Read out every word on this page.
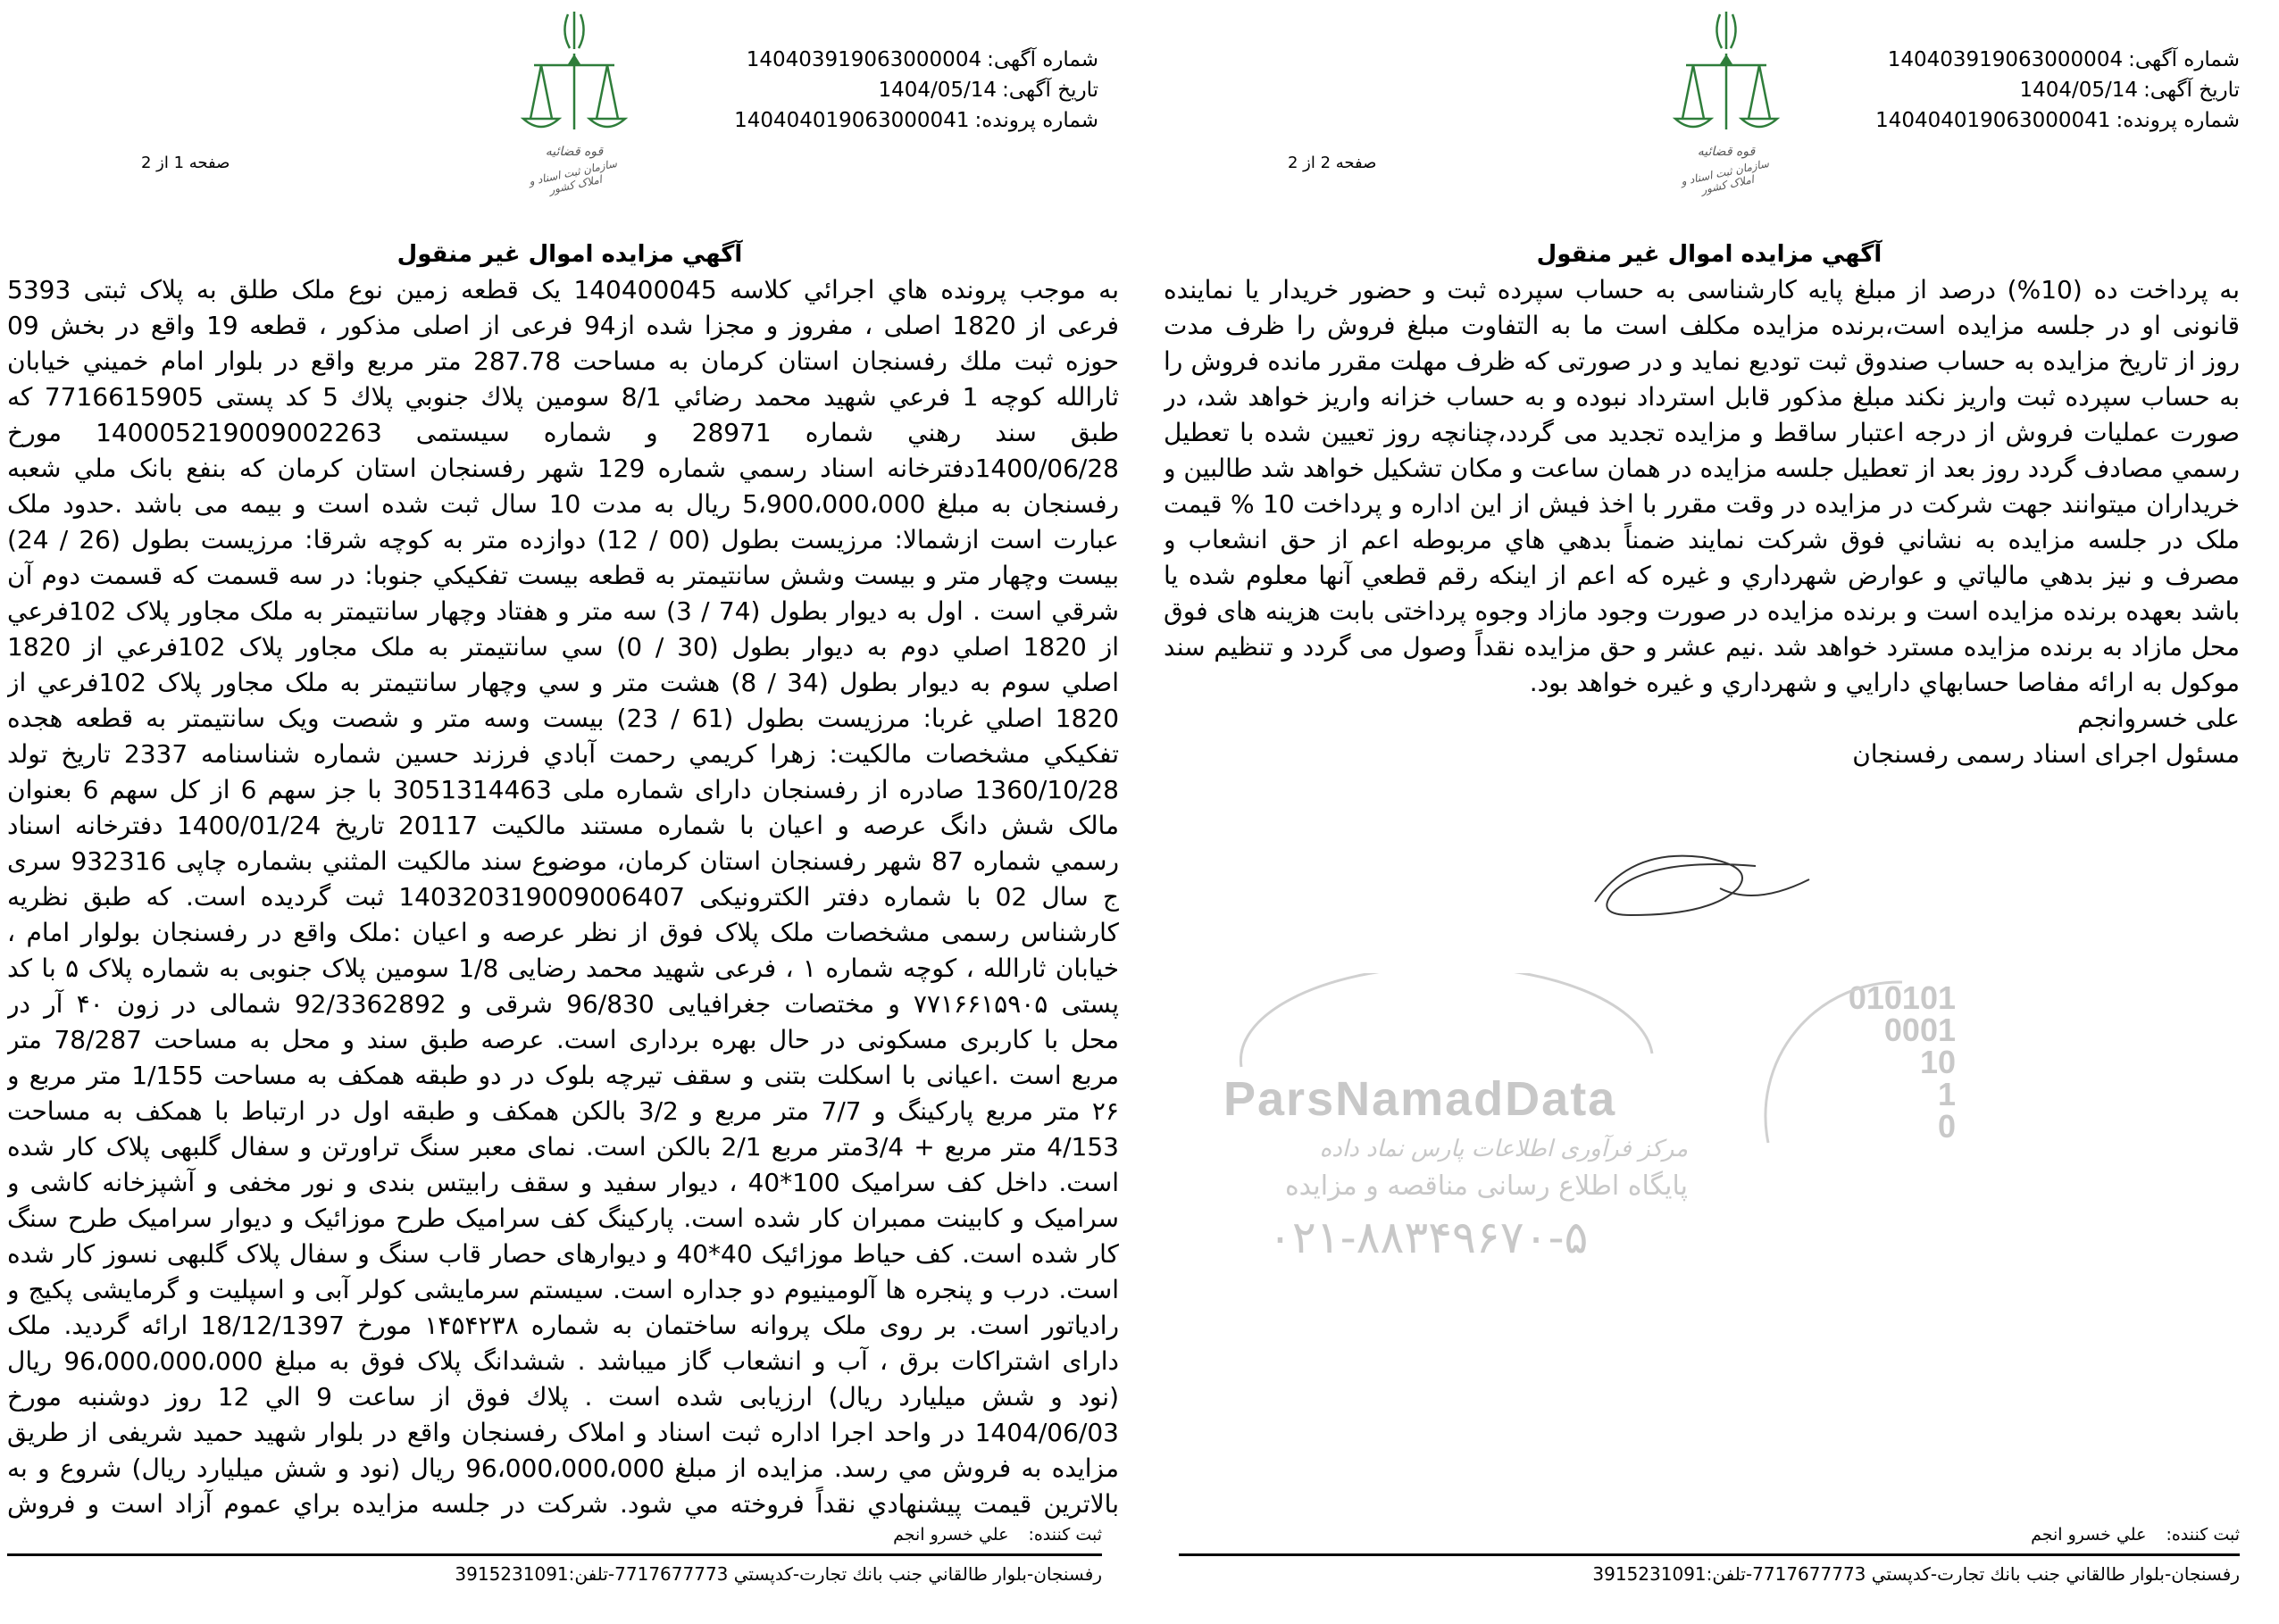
ParsNamadData
مرکز فرآوری اطلاعات پارس نماد داده
پایگاه اطلاع رسانی مناقصه و مزایده
۰۲۱-۸۸۳۴۹۶۷۰-۵
010101
0001
10
1
0
شماره آگهی:140403919063000004
تاریخ آگهی:1404/05/14
شماره پرونده:140404019063000041
قوه قضائیه
سازمان ثبت اسناد و املاک کشور
صفحه 1 از 2
آگهي مزايده اموال غير منقول
به موجب پرونده هاي اجرائي كلاسه 140400045 يک قطعه زمين نوع ملک طلق به پلاک ثبتی 5393
فرعی از 1820 اصلی ، مفروز و مجزا شده از94 فرعی از اصلی مذکور ، قطعه 19 واقع در بخش 09
حوزه ثبت ملك رفسنجان استان كرمان به مساحت 287.78 متر مربع واقع در بلوار امام خميني خيابان
ثارالله كوچه 1 فرعي شهيد محمد رضائي 8/1 سومين پلاك جنوبي پلاك 5 کد پستی 7716615905 که
طبق سند رهني شماره 28971 و شماره سيستمی 140005219009002263 مورخ
1400/06/28دفترخانه اسناد رسمي شماره 129 شهر رفسنجان استان كرمان كه بنفع بانک ملي شعبه
رفسنجان به مبلغ 5،900،000،000 ريال به مدت 10 سال ثبت شده است و بيمه می باشد .حدود ملک
عبارت است ازشمالا: مرزيست بطول (00 / 12) دوازده متر به کوچه شرقا: مرزيست بطول (26 / 24)
بيست وچهار متر و بيست وشش سانتيمتر به قطعه بيست تفکيکي جنوبا: در سه قسمت كه قسمت دوم آن
شرقي است . اول به ديوار بطول (74 / 3) سه متر و هفتاد وچهار سانتيمتر به ملک مجاور پلاک 102فرعي
از 1820 اصلي دوم به ديوار بطول (30 / 0) سي سانتيمتر به ملک مجاور پلاک 102فرعي از 1820
اصلي سوم به ديوار بطول (34 / 8) هشت متر و سي وچهار سانتيمتر به ملک مجاور پلاک 102فرعي از
1820 اصلي غربا: مرزيست بطول (61 / 23) بيست وسه متر و شصت ويک سانتيمتر به قطعه هجده
تفکيکي مشخصات مالکيت: زهرا كريمي رحمت آبادي فرزند حسين شماره شناسنامه 2337 تاريخ تولد
1360/10/28 صادره از رفسنجان دارای شماره ملی 3051314463 با جز سهم 6 از کل سهم 6 بعنوان
مالک شش دانگ عرصه و اعيان با شماره مستند مالكيت 20117 تاريخ 1400/01/24 دفترخانه اسناد
رسمي شماره 87 شهر رفسنجان استان كرمان، موضوع سند مالكيت المثني بشماره چاپی 932316 سری
ج سال 02 با شماره دفتر الکترونیکی 140320319009006407 ثبت گرديده است. که طبق نظريه
کارشناس رسمی مشخصات ملک پلاک فوق از نظر عرصه و اعيان :ملک واقع در رفسنجان بولوار امام ،
خيابان ثارالله ، كوچه شماره ۱ ، فرعی شهيد محمد رضايی 1/8 سومين پلاک جنوبی به شماره پلاک ۵ با کد
پستی ۷۷۱۶۶۱۵۹۰۵ و مختصات جغرافيايی 96/830 شرقی و 92/3362892 شمالی در زون ۴۰ آر در
محل با کاربری مسکونی در حال بهره برداری است. عرصه طبق سند و محل به مساحت 78/287 متر
مربع است .اعيانی با اسکلت بتنی و سقف تيرچه بلوک در دو طبقه همکف به مساحت 1/155 متر مربع و
۲۶ متر مربع پارکينگ و 7/7 متر مربع و 3/2 بالکن همکف و طبقه اول در ارتباط با همکف به مساحت
4/153 متر مربع + 3/4متر مربع 2/1 بالکن است. نمای معبر سنگ تراورتن و سفال گلبهی پلاک کار شده
است. داخل کف سراميک 100*40 ، ديوار سفيد و سقف رابيتس بندی و نور مخفی و آشپزخانه کاشی و
سراميک و کابينت ممبران کار شده است. پارکينگ کف سراميک طرح موزائيک و ديوار سراميک طرح سنگ
کار شده است. کف حياط موزائيک 40*40 و ديوارهای حصار قاب سنگ و سفال پلاک گلبهی نسوز کار شده
است. درب و پنجره ها آلومينيوم دو جداره است. سيستم سرمايشی کولر آبی و اسپليت و گرمايشی پکيج و
رادياتور است. بر روی ملک پروانه ساختمان به شماره ۱۴۵۴۲۳۸ مورخ 18/12/1397 ارائه گرديد. ملک
دارای اشتراکات برق ، آب و انشعاب گاز ميباشد . ششدانگ پلاک فوق به مبلغ 96،000،000،000 ريال
(نود و شش ميليارد ريال) ارزيابی شده است . پلاك فوق از ساعت 9 الي 12 روز دوشنبه مورخ
1404/06/03 در واحد اجرا اداره ثبت اسناد و املاک رفسنجان واقع در بلوار شهيد حميد شريفی از طريق
مزايده به فروش مي رسد. مزايده از مبلغ 96،000،000،000 ريال (نود و شش ميليارد ريال) شروع و به
بالاترين قيمت پيشنهادي نقداً فروخته مي شود. شركت در جلسه مزايده براي عموم آزاد است و فروش
ثبت کننده:علي خسرو انجم
رفسنجان-بلوار طالقاني جنب بانك تجارت-كدپستي 7717677773-تلفن:3915231091
شماره آگهی:140403919063000004
تاریخ آگهی:1404/05/14
شماره پرونده:140404019063000041
قوه قضائیه
سازمان ثبت اسناد و املاک کشور
صفحه 2 از 2
آگهي مزايده اموال غير منقول
به پرداخت ده (10%) درصد از مبلغ پايه كارشناسی به حساب سپرده ثبت و حضور خريدار يا نماينده
قانونی او در جلسه مزايده است،برنده مزايده مكلف است ما به التفاوت مبلغ فروش را ظرف مدت
روز از تاريخ مزايده به حساب صندوق ثبت توديع نمايد و در صورتی كه ظرف مهلت مقرر مانده فروش را
به حساب سپرده ثبت واريز نكند مبلغ مذكور قابل استرداد نبوده و به حساب خزانه واريز خواهد شد، در
صورت عمليات فروش از درجه اعتبار ساقط و مزايده تجديد می گردد،چنانچه روز تعيين شده با تعطيل
رسمي مصادف گردد روز بعد از تعطيل جلسه مزايده در همان ساعت و مكان تشكيل خواهد شد طالبين و
خريداران ميتوانند جهت شركت در مزايده در وقت مقرر با اخذ فيش از اين اداره و پرداخت 10 % قيمت
ملک در جلسه مزايده به نشاني فوق شركت نمايند ضمناً بدهي هاي مربوطه اعم از حق انشعاب و
مصرف و نيز بدهي مالياتي و عوارض شهرداري و غيره كه اعم از اينكه رقم قطعي آنها معلوم شده يا
باشد بعهده برنده مزايده است و برنده مزايده در صورت وجود مازاد وجوه پرداختی بابت هزينه های فوق
محل مازاد به برنده مزايده مسترد خواهد شد .نيم عشر و حق مزايده نقداً وصول می گردد و تنظيم سند
موكول به ارائه مفاصا حسابهاي دارايي و شهرداري و غيره خواهد بود.
علی خسروانجم
مسئول اجرای اسناد رسمی رفسنجان
ثبت کننده:علي خسرو انجم
رفسنجان-بلوار طالقاني جنب بانك تجارت-كدپستي 7717677773-تلفن:3915231091
